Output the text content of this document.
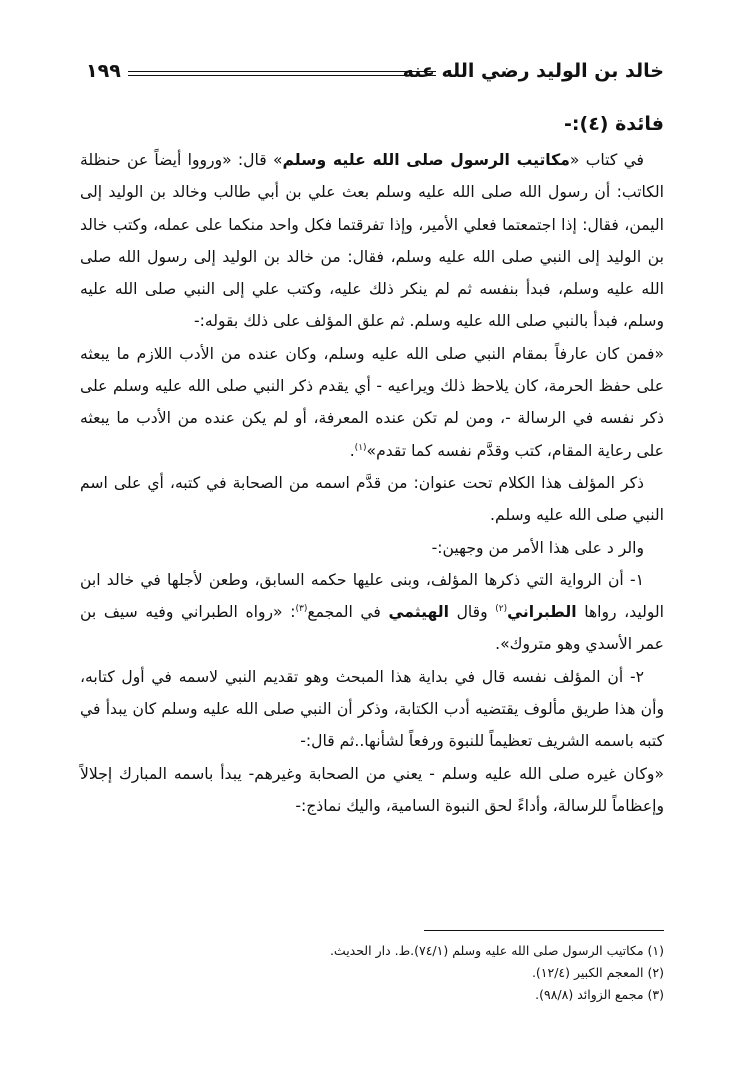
خالد بن الوليد رضي الله عنه
١٩٩

فائدة (٤):-

في كتاب «مكاتيب الرسول صلى الله عليه وسلم» قال: «ورووا أيضاً عن حنظلة الكاتب: أن رسول الله صلى الله عليه وسلم بعث علي بن أبي طالب وخالد بن الوليد إلى اليمن، فقال: إذا اجتمعتما فعلي الأمير، وإذا تفرقتما فكل واحد منكما على عمله، وكتب خالد بن الوليد إلى النبي صلى الله عليه وسلم، فقال: من خالد بن الوليد إلى رسول الله صلى الله عليه وسلم، فبدأ بنفسه ثم لم ينكر ذلك عليه، وكتب علي إلى النبي صلى الله عليه وسلم، فبدأ بالنبي صلى الله عليه وسلم. ثم علق المؤلف على ذلك بقوله:-

«فمن كان عارفاً بمقام النبي صلى الله عليه وسلم، وكان عنده من الأدب اللازم ما يبعثه على حفظ الحرمة، كان يلاحظ ذلك ويراعيه - أي يقدم ذكر النبي صلى الله عليه وسلم على ذكر نفسه في الرسالة -، ومن لم تكن عنده المعرفة، أو لم يكن عنده من الأدب ما يبعثه على رعاية المقام، كتب وقدَّم نفسه كما تقدم»$^{(١)}$.

ذكر المؤلف هذا الكلام تحت عنوان: من قدَّم اسمه من الصحابة في كتبه، أي على اسم النبي صلى الله عليه وسلم.

والر د على هذا الأمر من وجهين:-

١- أن الرواية التي ذكرها المؤلف، وبنى عليها حكمه السابق، وطعن لأجلها في خالد ابن الوليد، رواها الطبراني$^{(٢)}$ وقال الهيثمي في المجمع$^{(٣)}$: «رواه الطبراني وفيه سيف بن عمر الأسدي وهو متروك».

٢- أن المؤلف نفسه قال في بداية هذا المبحث وهو تقديم النبي لاسمه في أول كتابه، وأن هذا طريق مألوف يقتضيه أدب الكتابة، وذكر أن النبي صلى الله عليه وسلم كان يبدأ في كتبه باسمه الشريف تعظيماً للنبوة ورفعاً لشأنها..ثم قال:-

«وكان غيره صلى الله عليه وسلم - يعني من الصحابة وغيرهم- يبدأ باسمه المبارك إجلالاً وإعظاماً للرسالة، وأداءً لحق النبوة السامية، واليك نماذج:-

(١) مكاتيب الرسول صلى الله عليه وسلم (٧٤/١).ط. دار الحديث.

(٢) المعجم الكبير (١٢/٤).

(٣) مجمع الزوائد (٩٨/٨).
